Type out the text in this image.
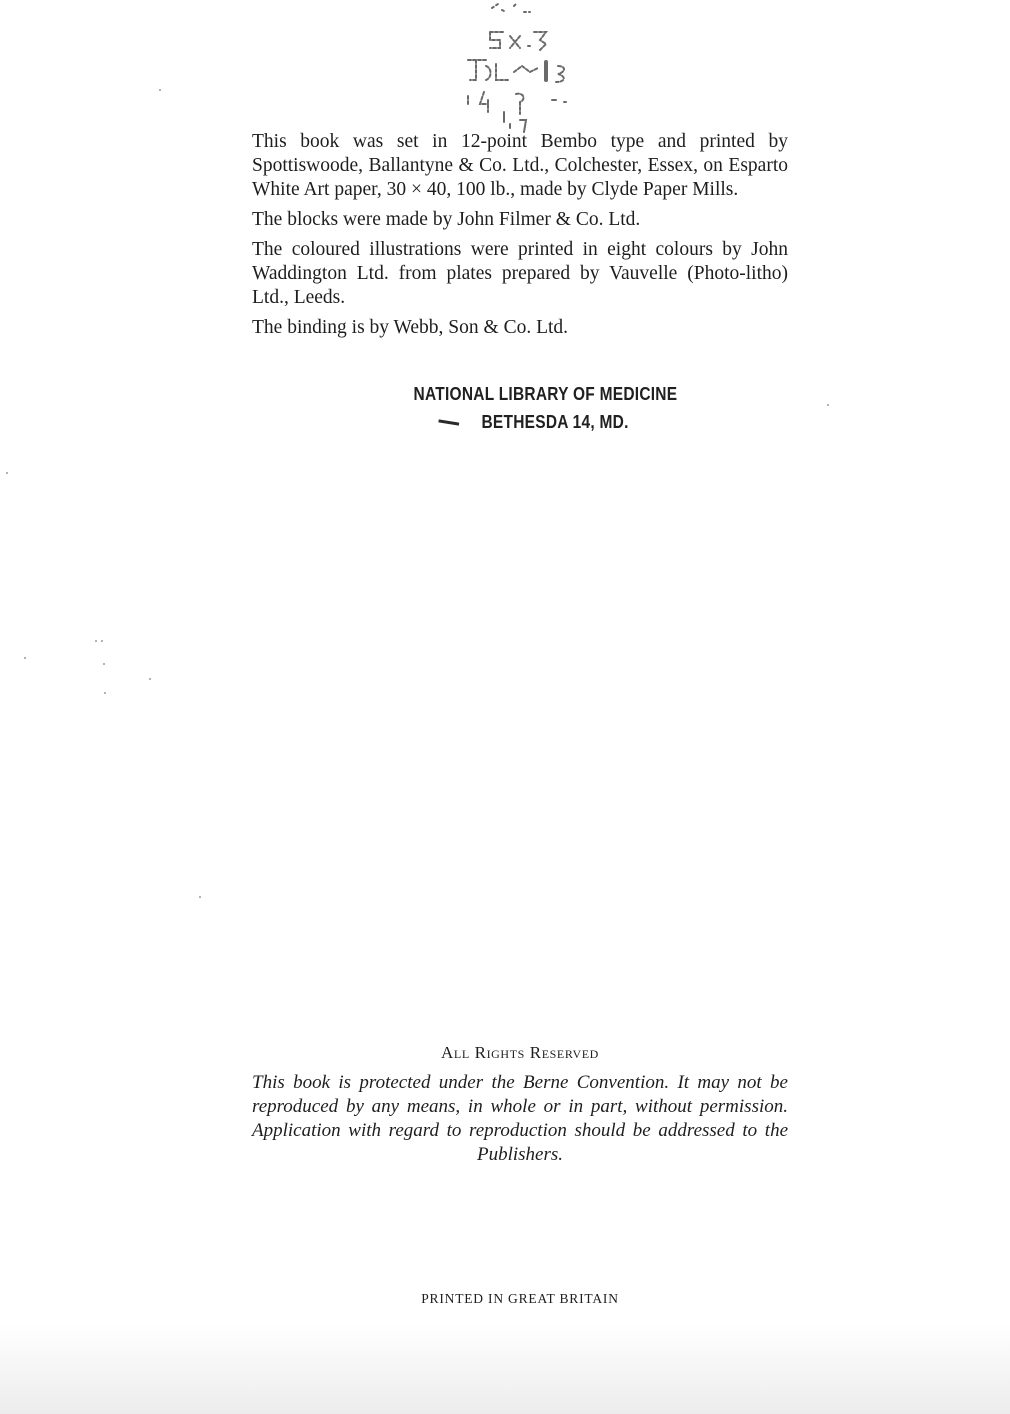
This book was set in 12-point Bembo type and printed by Spottiswoode, Ballantyne & Co. Ltd., Colchester, Essex, on Esparto White Art paper, 30 × 40, 100 lb., made by Clyde Paper Mills.

The blocks were made by John Filmer & Co. Ltd.

The coloured illustrations were printed in eight colours by John Waddington Ltd. from plates prepared by Vauvelle (Photo-litho) Ltd., Leeds.

The binding is by Webb, Son & Co. Ltd.

NATIONAL LIBRARY OF MEDICINE
BETHESDA 14, MD.
All Rights Reserved

This book is protected under the Berne Convention. It may not be reproduced by any means, in whole or in part, without permission. Application with regard to reproduction should be addressed to the Publishers.

PRINTED IN GREAT BRITAIN
